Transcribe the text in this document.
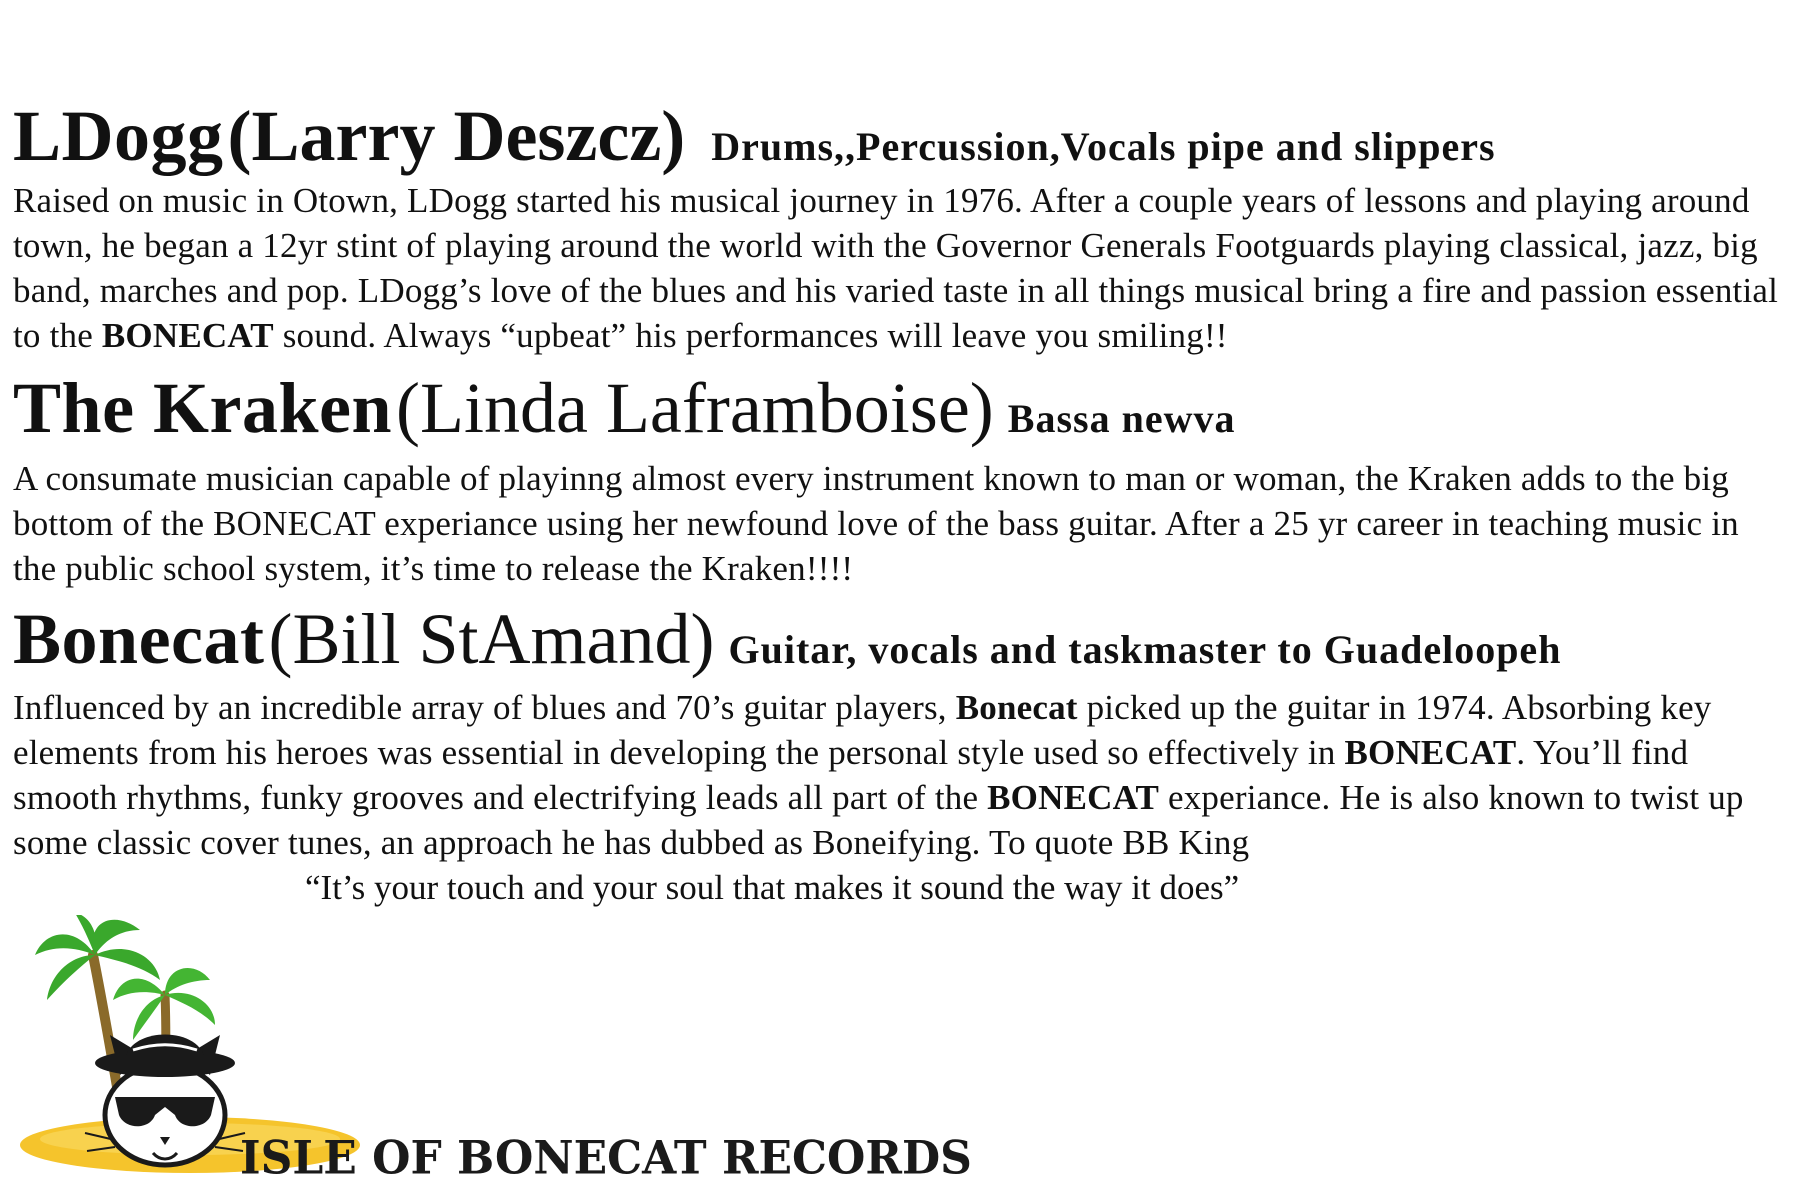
LDogg (Larry Deszcz) Drums,,Percussion,Vocals pipe and slippers

Raised on music in Otown, LDogg started his musical journey in 1976. After a couple years of lessons and playing around town, he began a 12yr stint of playing around the world with the Governor Generals Footguards playing classical, jazz, big band, marches and pop. LDogg’s love of the blues and his varied taste in all things musical bring a fire and passion essential to the BONECAT sound. Always “upbeat” his performances will leave you smiling!!

The Kraken (Linda Laframboise) Bassa newva

A consumate musician capable of playinng almost every instrument known to man or woman, the Kraken adds to the big bottom of the BONECAT experiance using her newfound love of the bass guitar. After a 25 yr career in teaching music in the public school system, it’s time to release the Kraken!!!!

Bonecat (Bill StAmand) Guitar, vocals and taskmaster to Guadeloopeh

Influenced by an incredible array of blues and 70’s guitar players, Bonecat picked up the guitar in 1974. Absorbing key elements from his heroes was essential in developing the personal style used so effectively in BONECAT. You’ll find smooth rhythms, funky grooves and electrifying leads all part of the BONECAT experiance. He is also known to twist up some classic cover tunes, an approach he has dubbed as Boneifying. To quote BB King

“It’s your touch and your soul that makes it sound the way it does”
ISLE OF BONECAT RECORDS
